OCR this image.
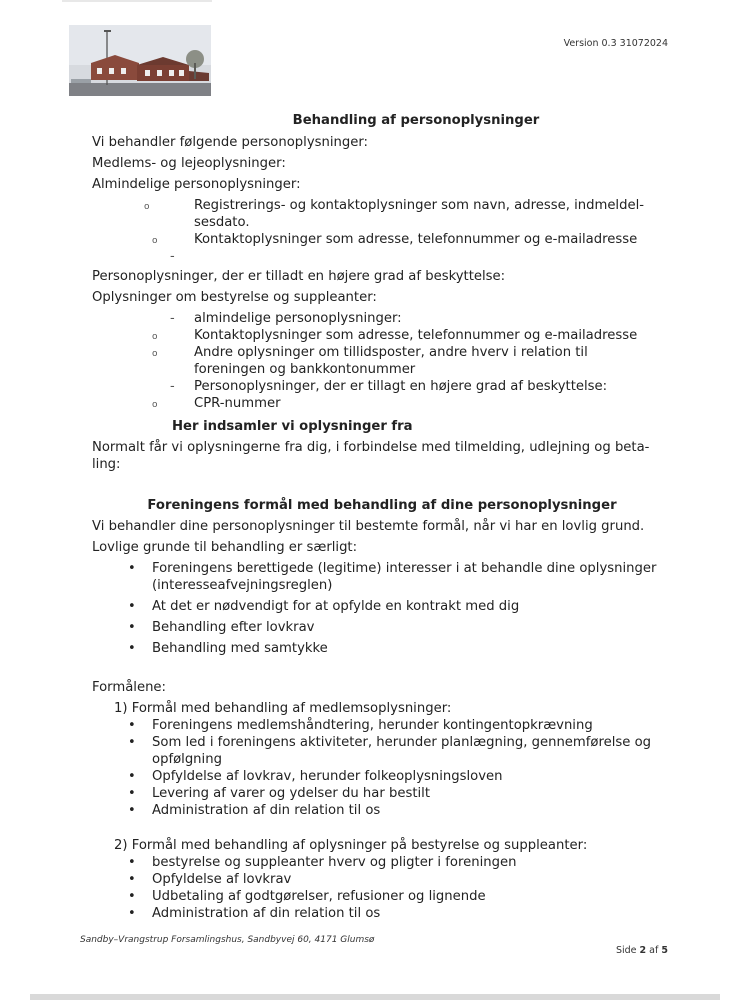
Version 0.3 31072024
Behandling af personoplysninger

Vi behandler følgende personoplysninger:

Medlems- og lejeoplysninger:

Almindelige personoplysninger:

o	Registrerings- og kontaktoplysninger som navn, adresse, indmeldel-sesdato.
o	Kontaktoplysninger som adresse, telefonnummer og e-mailadresse
-

Personoplysninger, der er tilladt en højere grad af beskyttelse:

Oplysninger om bestyrelse og suppleanter:

- almindelige personoplysninger:
o	Kontaktoplysninger som adresse, telefonnummer og e-mailadresse
o	Andre oplysninger om tillidsposter, andre hverv i relation til foreningen og bankkontonummer
- Personoplysninger, der er tillagt en højere grad af beskyttelse:
o	CPR-nummer
Her indsamler vi oplysninger fra

Normalt får vi oplysningerne fra dig, i forbindelse med tilmelding, udlejning og beta-ling:

Foreningens formål med behandling af dine personoplysninger

Vi behandler dine personoplysninger til bestemte formål, når vi har en lovlig grund.

Lovlige grunde til behandling er særligt:

• Foreningens berettigede (legitime) interesser i at behandle dine oplysninger (interesseafvejningsreglen)
• At det er nødvendigt for at opfylde en kontrakt med dig
• Behandling efter lovkrav
• Behandling med samtykke

Formålene:

1) Formål med behandling af medlemsoplysninger:

• Foreningens medlemshåndtering, herunder kontingentopkrævning
• Som led i foreningens aktiviteter, herunder planlægning, gennemførelse og opfølgning
• Opfyldelse af lovkrav, herunder folkeoplysningsloven
• Levering af varer og ydelser du har bestilt
• Administration af din relation til os

2) Formål med behandling af oplysninger på bestyrelse og suppleanter:

• bestyrelse og suppleanter hverv og pligter i foreningen
• Opfyldelse af lovkrav
• Udbetaling af godtgørelser, refusioner og lignende
• Administration af din relation til os
Sandby–Vrangstrup Forsamlingshus, Sandbyvej 60, 4171 Glumsø
Side 2 af 5
